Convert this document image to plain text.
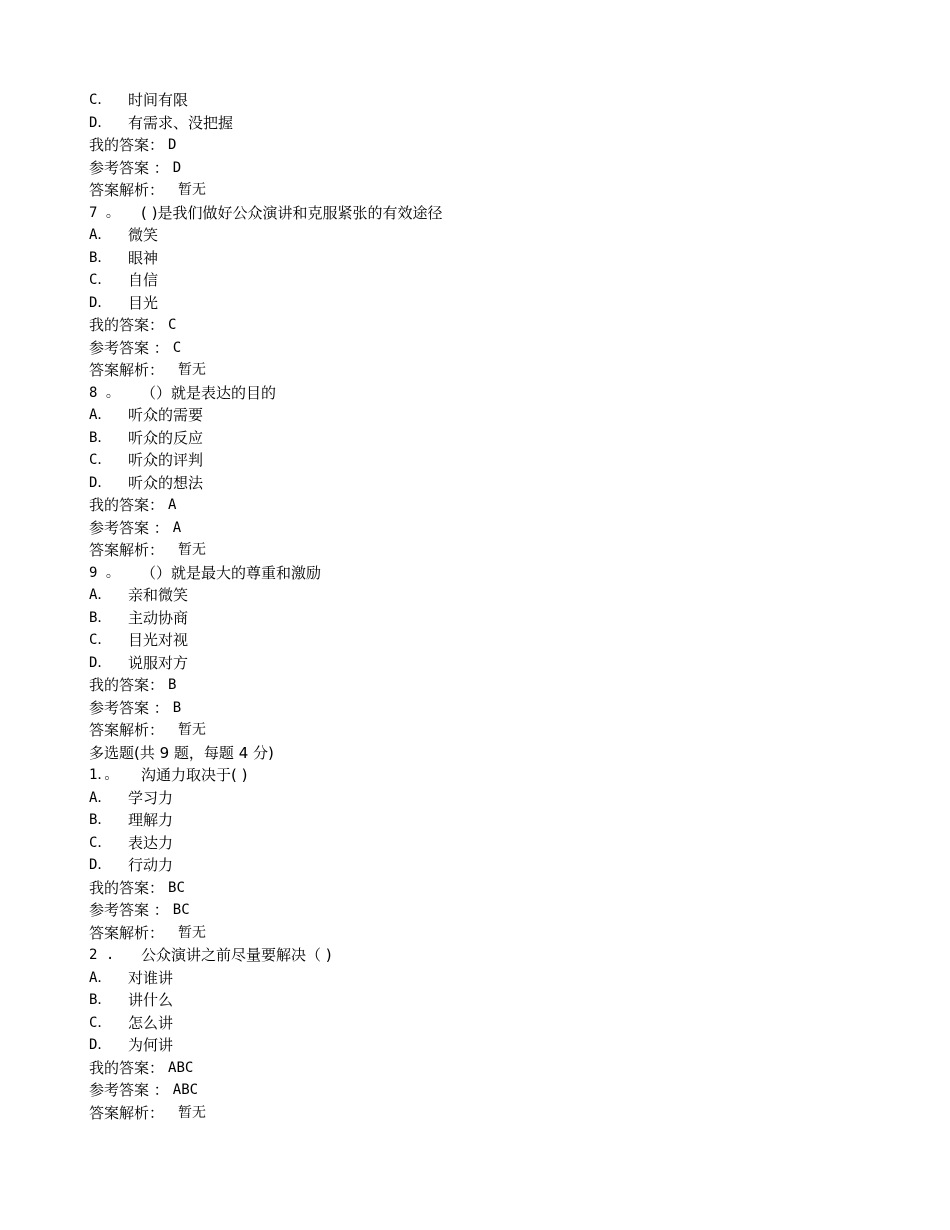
C．	时间有限
D．	有需求、没把握
我的答案： D
参考答案 ： D
答案解析： 暂无
7 。	( )是我们做好公众演讲和克服紧张的有效途径
A．	微笑
B．	眼神
C．	自信
D．	目光
我的答案： C
参考答案 ： C
答案解析： 暂无
8 。	（）就是表达的目的
A．	听众的需要
B．	听众的反应
C．	听众的评判
D．	听众的想法
我的答案： A
参考答案 ： A
答案解析： 暂无
9 。	（）就是最大的尊重和激励
A．	亲和微笑
B．	主动协商
C．	目光对视
D．	说服对方
我的答案： B
参考答案 ： B
答案解析： 暂无
多选题(共 9 题，每题 4 分)
1．。	沟通力取决于( )
A．	学习力
B．	理解力
C．	表达力
D．	行动力
我的答案： BC
参考答案 ： BC
答案解析： 暂无
2 .	公众演讲之前尽量要解决（ )
A．	对谁讲
B．	讲什么
C．	怎么讲
D．	为何讲
我的答案： ABC
参考答案 ： ABC
答案解析： 暂无
